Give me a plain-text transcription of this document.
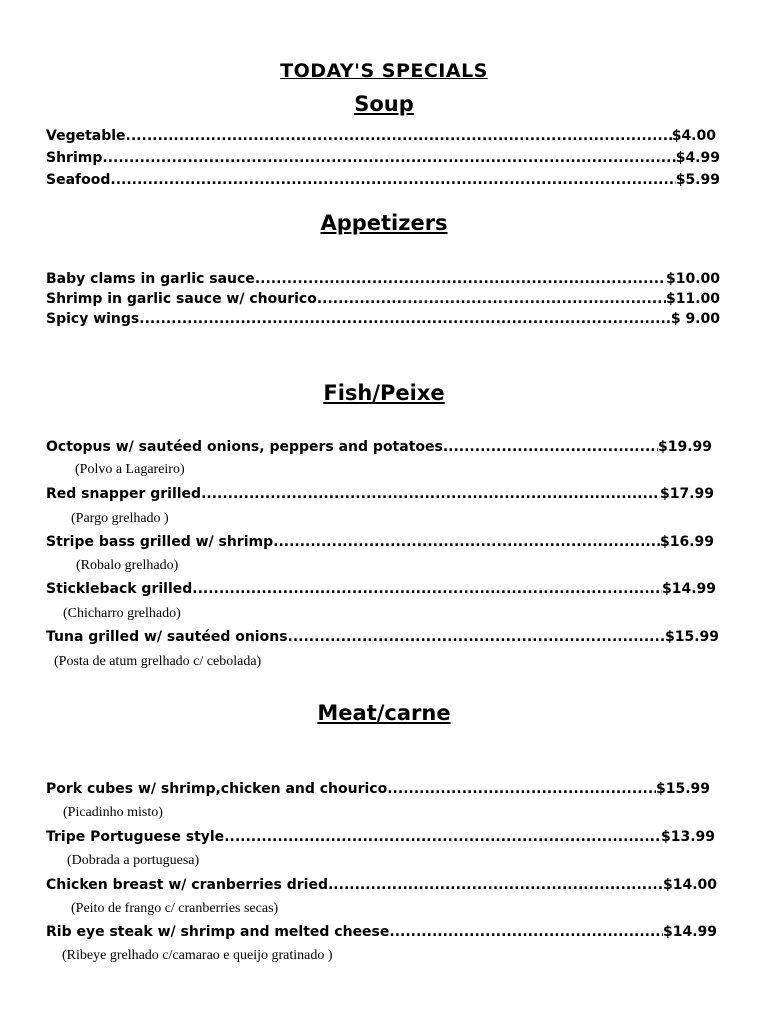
TODAY'S SPECIALS
Soup
Vegetable .....	$4.00
Shrimp .....	$4.99
Seafood .....	$5.99
Appetizers
Baby clams in garlic sauce .....	$10.00
Shrimp in garlic sauce w/ chourico .....	$11.00
Spicy wings .....	$ 9.00
Fish/Peixe
Octopus w/ sautéed onions, peppers and potatoes .....	$19.99
(Polvo a Lagareiro)
Red snapper grilled .....	$17.99
(Pargo grelhado )
Stripe bass grilled w/ shrimp .....	$16.99
(Robalo grelhado)
Stickleback grilled .....	$14.99
(Chicharro grelhado)
Tuna grilled w/ sautéed onions .....	$15.99
(Posta de atum grelhado c/ cebolada)
Meat/carne
Pork cubes w/ shrimp,chicken and chourico .....	$15.99
(Picadinho misto)
Tripe Portuguese style .....	$13.99
(Dobrada a portuguesa)
Chicken breast w/ cranberries dried .....	$14.00
(Peito de frango c/ cranberries secas)
Rib eye steak w/ shrimp and melted cheese .....	$14.99
(Ribeye grelhado c/camarao e queijo gratinado )
